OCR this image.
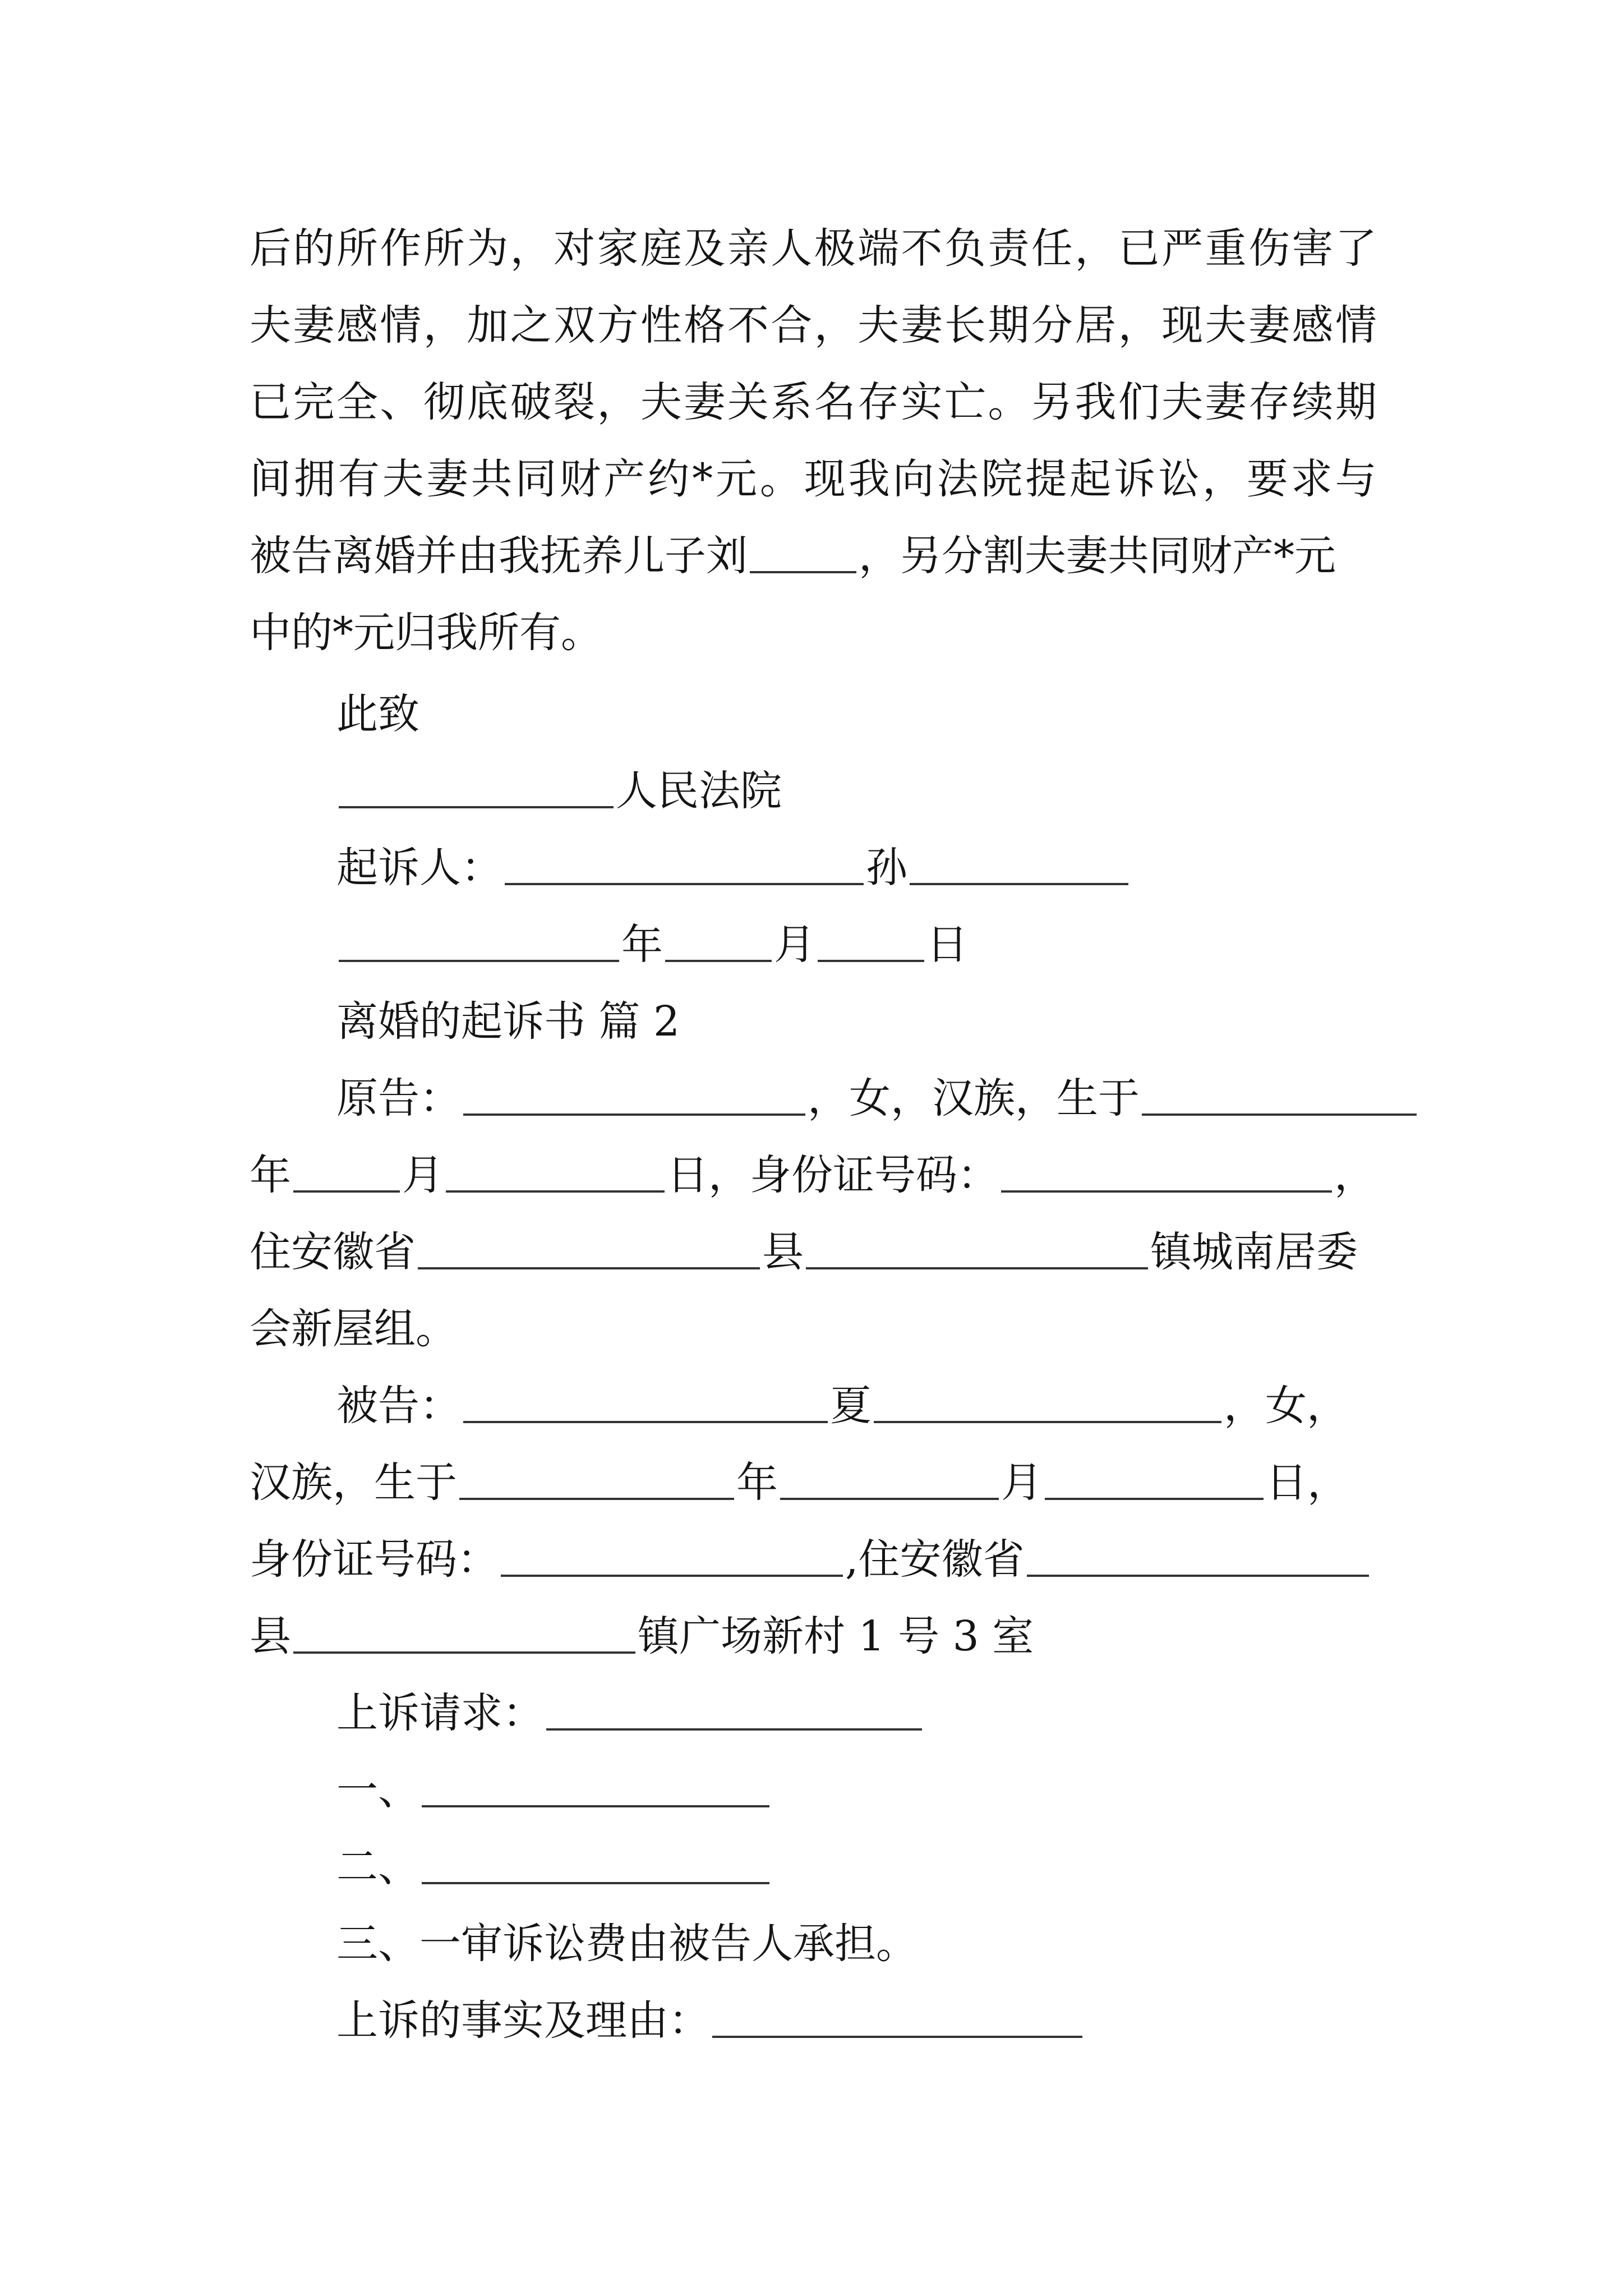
后 的 所 作 所 为 ， 对 家 庭 及 亲 人 极 端 不 负 责 任 ， 已 严 重 伤 害 了
夫 妻 感 情 ， 加 之 双 方 性 格 不 合 ， 夫 妻 长 期 分 居 ， 现 夫 妻 感 情
已 完 全 、 彻 底 破 裂 ， 夫 妻 关 系 名 存 实 亡 。 另 我 们 夫 妻 存 续 期
间 拥 有 夫 妻 共 同 财 产 约 * 元 。 现 我 向 法 院 提 起 诉 讼 ， 要 求 与
被告离婚并由我抚养儿子刘	，另分割夫妻共同财产*元
中的*元归我所有。
此致
人民法院
起诉人：	孙
年	月	日
离婚的起诉书 篇 2
原告：	，女，汉族，生于
年	月	日，身份证号码：	，
住安徽省	县	镇城南居委
会新屋组。
被告：	夏	，女，
汉族，生于	年	月	日，
身份证号码：	,住安徽省
县	镇广场新村 1 号 3 室
上诉请求：
一、
二、
三、一审诉讼费由被告人承担。
上诉的事实及理由：
